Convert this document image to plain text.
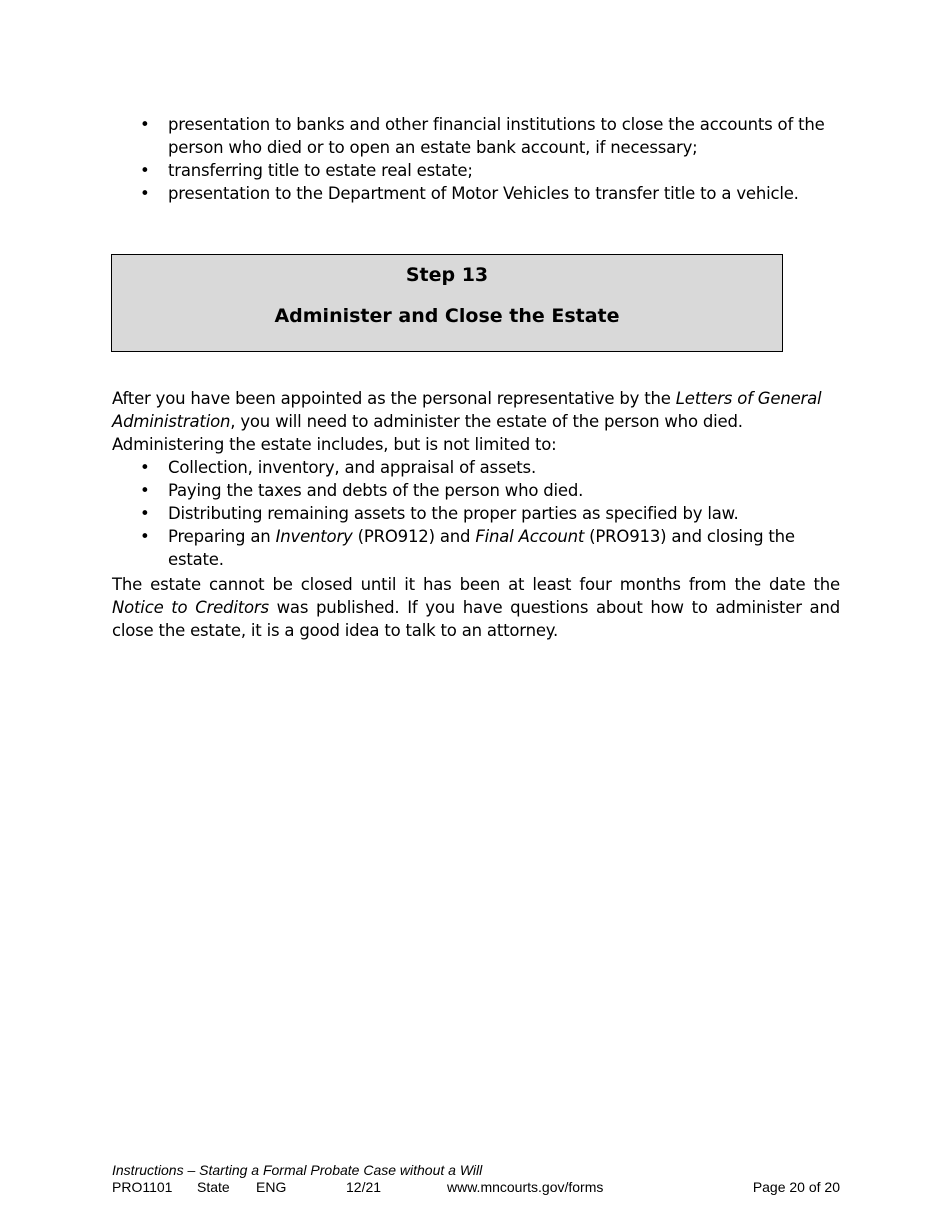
• presentation to banks and other financial institutions to close the accounts of the person who died or to open an estate bank account, if necessary;
• transferring title to estate real estate;
• presentation to the Department of Motor Vehicles to transfer title to a vehicle.
Step 13
Administer and Close the Estate

After you have been appointed as the personal representative by the Letters of General Administration, you will need to administer the estate of the person who died. Administering the estate includes, but is not limited to:

• Collection, inventory, and appraisal of assets.
• Paying the taxes and debts of the person who died.
• Distributing remaining assets to the proper parties as specified by law.
• Preparing an Inventory (PRO912) and Final Account (PRO913) and closing the estate.

The estate cannot be closed until it has been at least four months from the date the Notice to Creditors was published. If you have questions about how to administer and close the estate, it is a good idea to talk to an attorney.

Instructions – Starting a Formal Probate Case without a Will
PRO1101 State ENG	12/21	www.mncourts.gov/forms	Page 20 of 20
